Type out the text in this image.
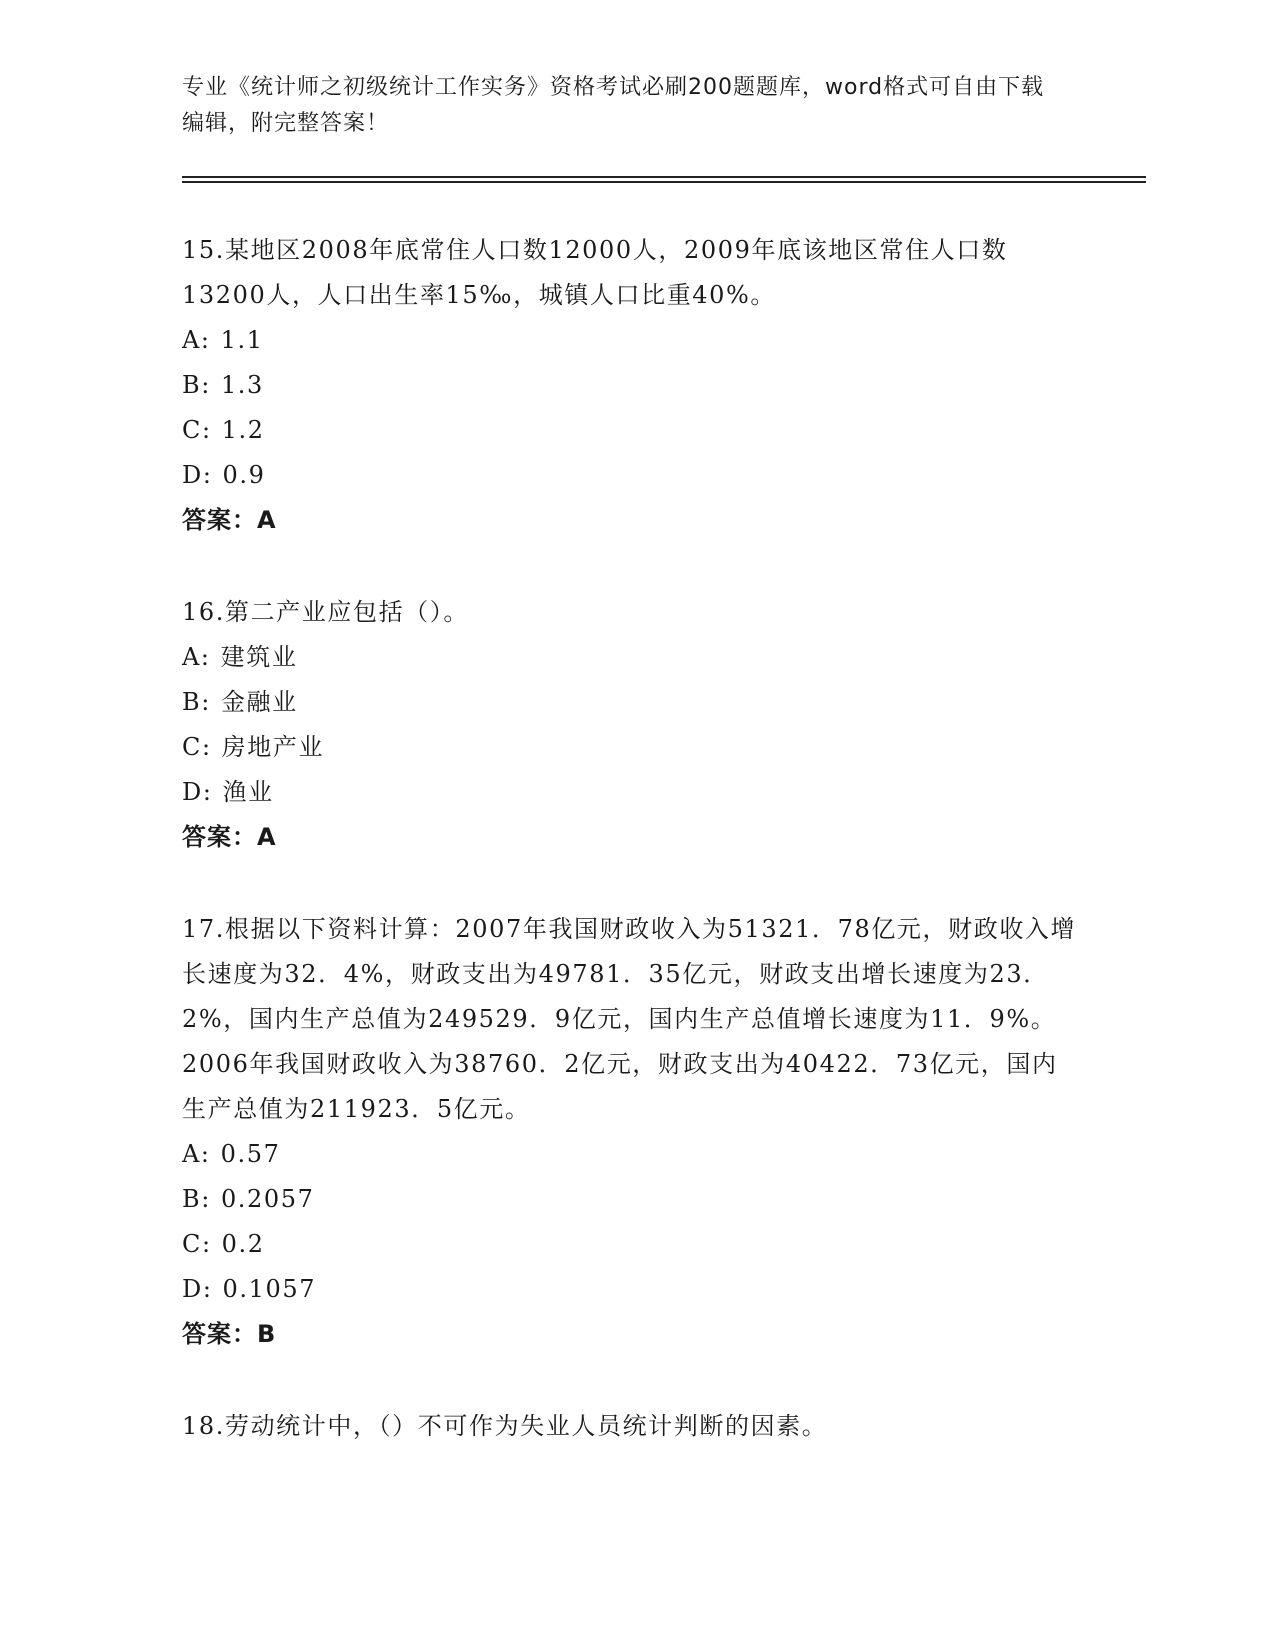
专业《统计师之初级统计工作实务》资格考试必刷200题题库，word格式可自由下载编辑，附完整答案！

15.某地区2008年底常住人口数12000人，2009年底该地区常住人口数13200人，人口出生率15‰，城镇人口比重40%。

A: 1.1

B: 1.3

C: 1.2

D: 0.9

答案：A

16.第二产业应包括（）。

A: 建筑业

B: 金融业

C: 房地产业

D: 渔业

答案：A

17.根据以下资料计算：2007年我国财政收入为51321．78亿元，财政收入增长速度为32．4%，财政支出为49781．35亿元，财政支出增长速度为23．2%，国内生产总值为249529．9亿元，国内生产总值增长速度为11．9%。2006年我国财政收入为38760．2亿元，财政支出为40422．73亿元，国内生产总值为211923．5亿元。

A: 0.57

B: 0.2057

C: 0.2

D: 0.1057

答案：B

18.劳动统计中，（）不可作为失业人员统计判断的因素。
